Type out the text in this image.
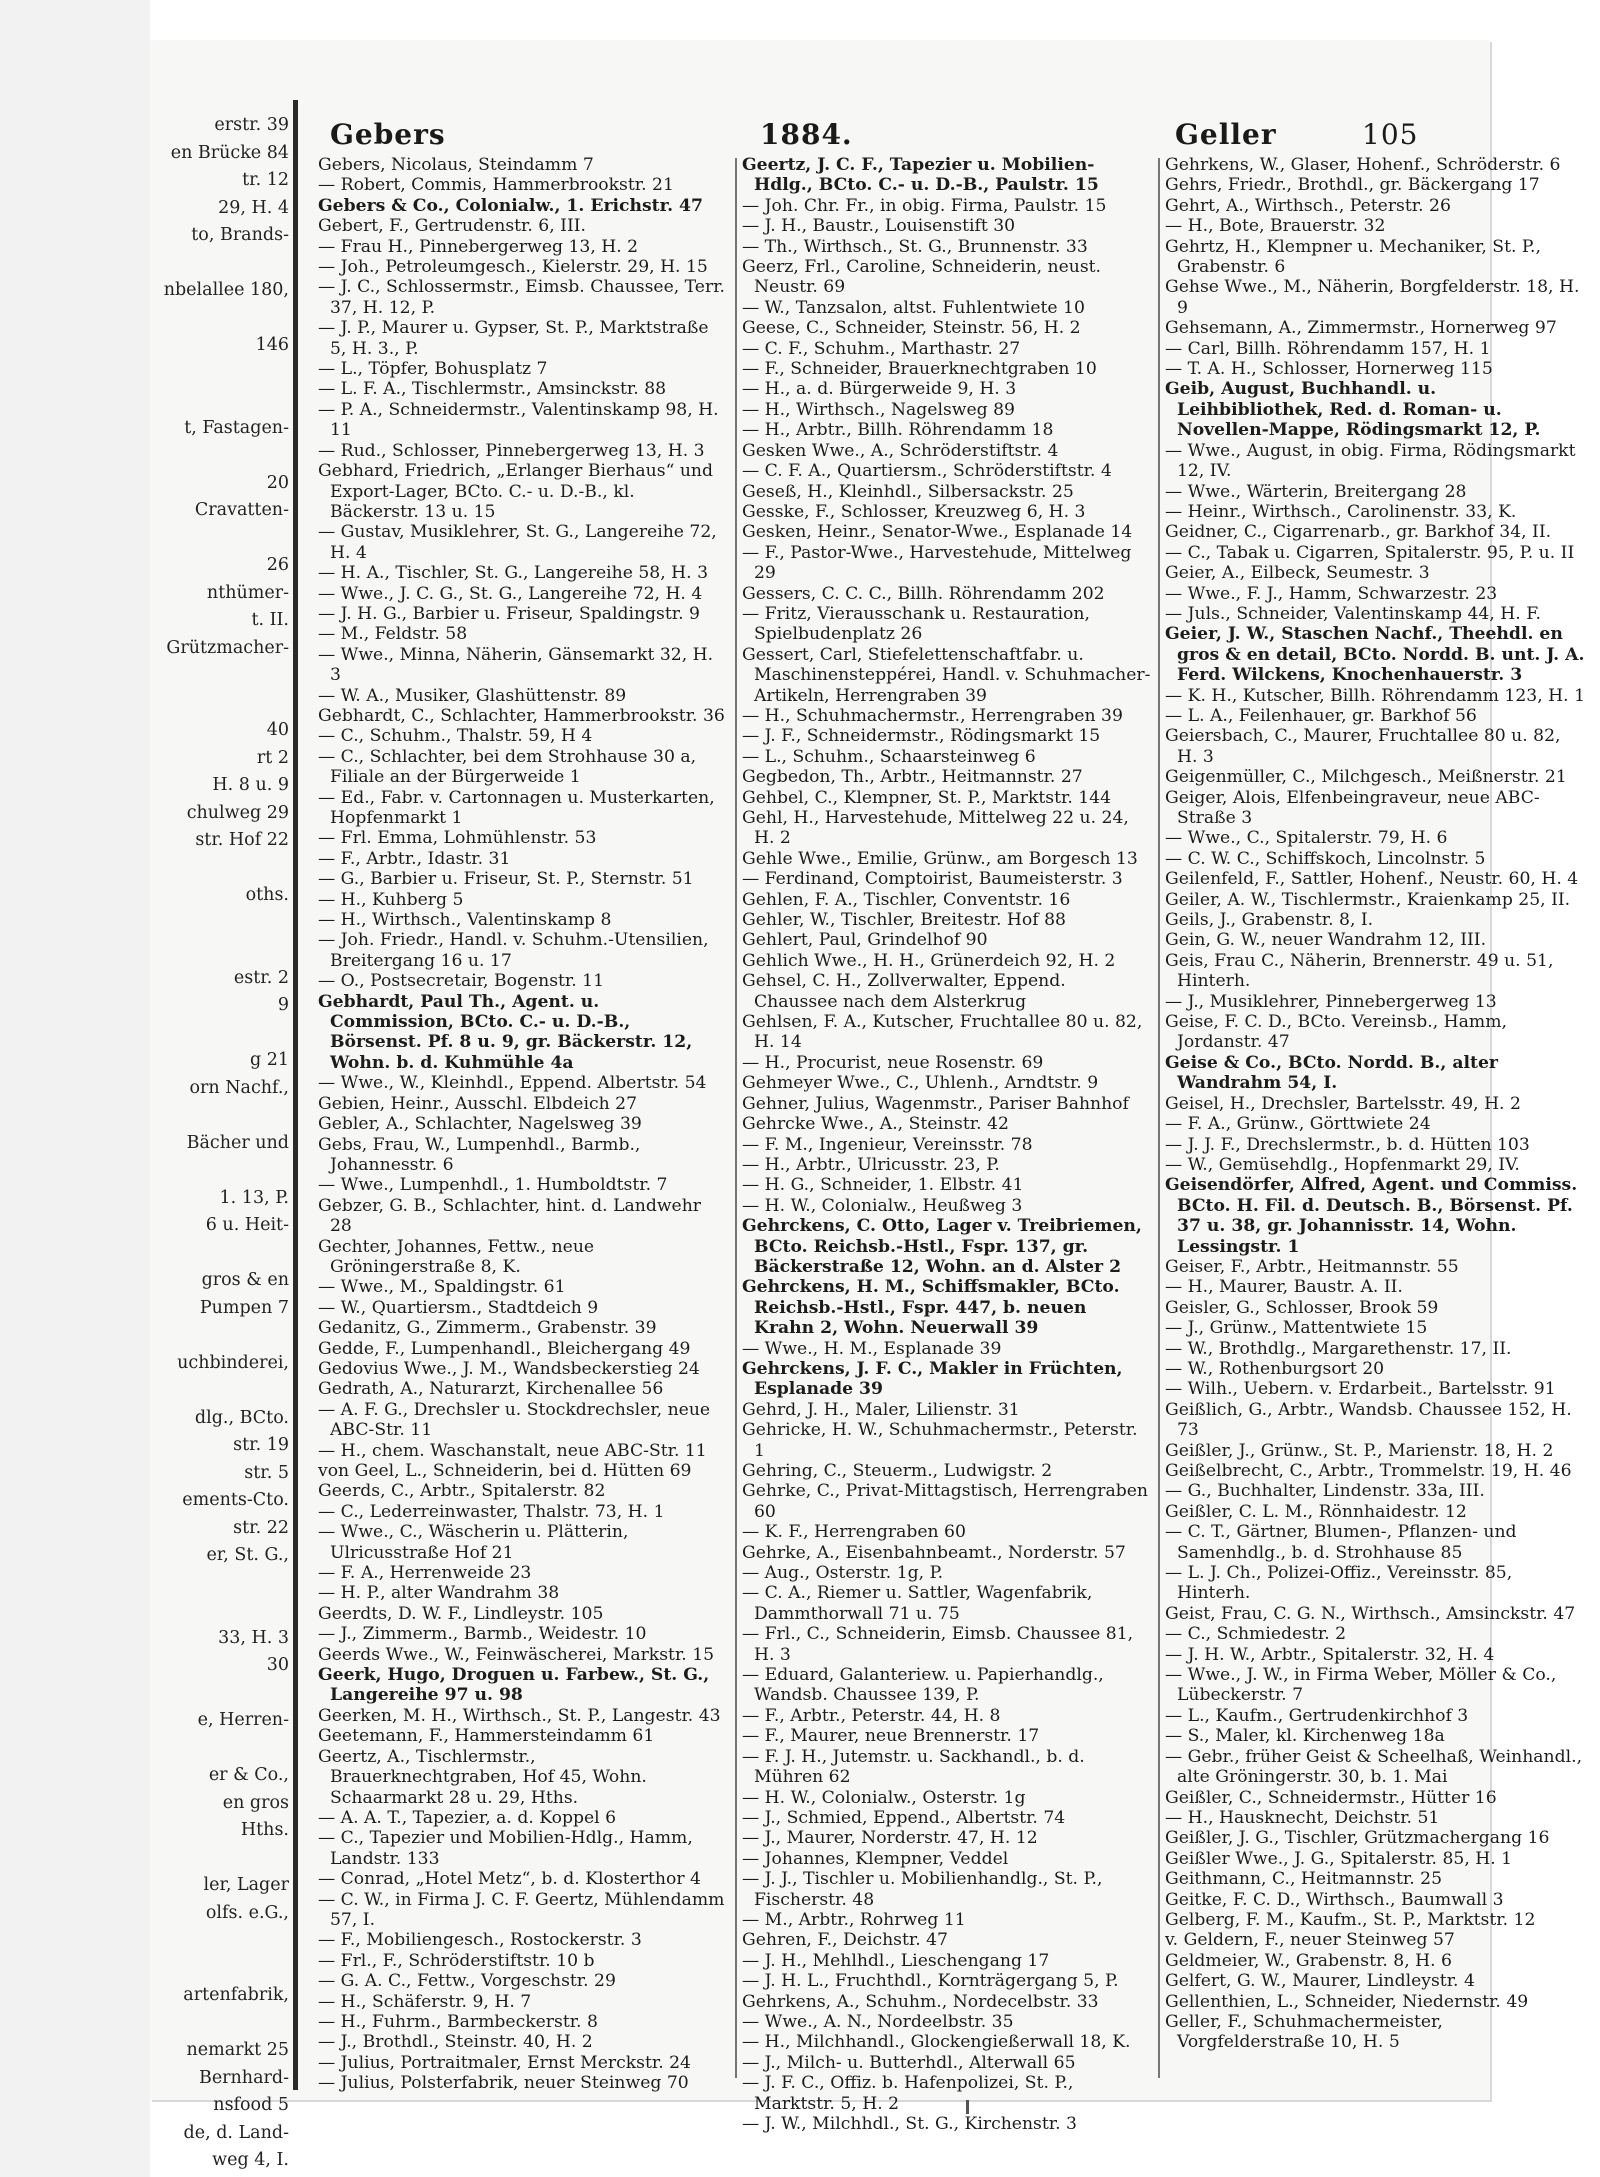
erstr. 39
en Brücke 84
tr. 12
29, H. 4
to, Brands-

nbelallee 180,

146

t, Fastagen-

20
Cravatten-

26
nthümer-
t. II.
Grützmacher-

40
rt 2
H. 8 u. 9
chulweg 29
str. Hof 22

oths.

estr. 2
9

g 21
orn Nachf.,

Bächer und

1. 13, P.
6 u. Heit-

gros & en
Pumpen 7

uchbinderei,

dlg., BCto.
str. 19
str. 5
ements-Cto.
str. 22
er, St. G.,

33, H. 3
30

e, Herren-

er & Co.,
en gros
Hths.

ler, Lager
olfs. e.G.,

artenfabrik,

nemarkt 25
Bernhard-
nsfood 5
de, d. Land-
weg 4, I.
Gebers	1884.	Geller	105

Gebers, Nicolaus, Steindamm 7

— Robert, Commis, Hammerbrookstr. 21

Gebers & Co., Colonialw., 1. Erichstr. 47

Gebert, F., Gertrudenstr. 6, III.

— Frau H., Pinnebergerweg 13, H. 2

— Joh., Petroleumgesch., Kielerstr. 29, H. 15

— J. C., Schlossermstr., Eimsb. Chaussee, Terr. 37, H. 12, P.

— J. P., Maurer u. Gypser, St. P., Marktstraße 5, H. 3., P.

— L., Töpfer, Bohusplatz 7

— L. F. A., Tischlermstr., Amsinckstr. 88

— P. A., Schneidermstr., Valentinskamp 98, H. 11

— Rud., Schlosser, Pinnebergerweg 13, H. 3

Gebhard, Friedrich, „Erlanger Bierhaus“ und Export-Lager, BCto. C.- u. D.-B., kl. Bäckerstr. 13 u. 15

— Gustav, Musiklehrer, St. G., Langereihe 72, H. 4

— H. A., Tischler, St. G., Langereihe 58, H. 3

— Wwe., J. C. G., St. G., Langereihe 72, H. 4

— J. H. G., Barbier u. Friseur, Spaldingstr. 9

— M., Feldstr. 58

— Wwe., Minna, Näherin, Gänsemarkt 32, H. 3

— W. A., Musiker, Glashüttenstr. 89

Gebhardt, C., Schlachter, Hammerbrookstr. 36

— C., Schuhm., Thalstr. 59, H 4

— C., Schlachter, bei dem Strohhause 30 a, Filiale an der Bürgerweide 1

— Ed., Fabr. v. Cartonnagen u. Musterkarten, Hopfenmarkt 1

— Frl. Emma, Lohmühlenstr. 53

— F., Arbtr., Idastr. 31

— G., Barbier u. Friseur, St. P., Sternstr. 51

— H., Kuhberg 5

— H., Wirthsch., Valentinskamp 8

— Joh. Friedr., Handl. v. Schuhm.-Utensilien, Breitergang 16 u. 17

— O., Postsecretair, Bogenstr. 11

Gebhardt, Paul Th., Agent. u. Commission, BCto. C.- u. D.-B., Börsenst. Pf. 8 u. 9, gr. Bäckerstr. 12, Wohn. b. d. Kuhmühle 4a

— Wwe., W., Kleinhdl., Eppend. Albertstr. 54

Gebien, Heinr., Ausschl. Elbdeich 27

Gebler, A., Schlachter, Nagelsweg 39

Gebs, Frau, W., Lumpenhdl., Barmb., Johannesstr. 6

— Wwe., Lumpenhdl., 1. Humboldtstr. 7

Gebzer, G. B., Schlachter, hint. d. Landwehr 28

Gechter, Johannes, Fettw., neue Gröningerstraße 8, K.

— Wwe., M., Spaldingstr. 61

— W., Quartiersm., Stadtdeich 9

Gedanitz, G., Zimmerm., Grabenstr. 39

Gedde, F., Lumpenhandl., Bleichergang 49

Gedovius Wwe., J. M., Wandsbeckerstieg 24

Gedrath, A., Naturarzt, Kirchenallee 56

— A. F. G., Drechsler u. Stockdrechsler, neue ABC-Str. 11

— H., chem. Waschanstalt, neue ABC-Str. 11

von Geel, L., Schneiderin, bei d. Hütten 69

Geerds, C., Arbtr., Spitalerstr. 82

— C., Lederreinwaster, Thalstr. 73, H. 1

— Wwe., C., Wäscherin u. Plätterin, Ulricusstraße Hof 21

— F. A., Herrenweide 23

— H. P., alter Wandrahm 38

Geerdts, D. W. F., Lindleystr. 105

— J., Zimmerm., Barmb., Weidestr. 10

Geerds Wwe., W., Feinwäscherei, Markstr. 15

Geerk, Hugo, Droguen u. Farbew., St. G., Langereihe 97 u. 98

Geerken, M. H., Wirthsch., St. P., Langestr. 43

Geetemann, F., Hammersteindamm 61

Geertz, A., Tischlermstr., Brauerknechtgraben, Hof 45, Wohn. Schaarmarkt 28 u. 29, Hths.

— A. A. T., Tapezier, a. d. Koppel 6

— C., Tapezier und Mobilien-Hdlg., Hamm, Landstr. 133

— Conrad, „Hotel Metz“, b. d. Klosterthor 4

— C. W., in Firma J. C. F. Geertz, Mühlendamm 57, I.

— F., Mobiliengesch., Rostockerstr. 3

— Frl., F., Schröderstiftstr. 10 b

— G. A. C., Fettw., Vorgeschstr. 29

— H., Schäferstr. 9, H. 7

— H., Fuhrm., Barmbeckerstr. 8

— J., Brothdl., Steinstr. 40, H. 2

— Julius, Portraitmaler, Ernst Merckstr. 24

— Julius, Polsterfabrik, neuer Steinweg 70

Geertz, J. C. F., Tapezier u. Mobilien-Hdlg., BCto. C.- u. D.-B., Paulstr. 15

— Joh. Chr. Fr., in obig. Firma, Paulstr. 15

— J. H., Baustr., Louisenstift 30

— Th., Wirthsch., St. G., Brunnenstr. 33

Geerz, Frl., Caroline, Schneiderin, neust. Neustr. 69

— W., Tanzsalon, altst. Fuhlentwiete 10

Geese, C., Schneider, Steinstr. 56, H. 2

— C. F., Schuhm., Marthastr. 27

— F., Schneider, Brauerknechtgraben 10

— H., a. d. Bürgerweide 9, H. 3

— H., Wirthsch., Nagelsweg 89

— H., Arbtr., Billh. Röhrendamm 18

Gesken Wwe., A., Schröderstiftstr. 4

— C. F. A., Quartiersm., Schröderstiftstr. 4

Geseß, H., Kleinhdl., Silbersackstr. 25

Gesske, F., Schlosser, Kreuzweg 6, H. 3

Gesken, Heinr., Senator-Wwe., Esplanade 14

— F., Pastor-Wwe., Harvestehude, Mittelweg 29

Gessers, C. C. C., Billh. Röhrendamm 202

— Fritz, Vierausschank u. Restauration, Spielbudenplatz 26

Gessert, Carl, Stiefelettenschaftfabr. u. Maschinensteppérei, Handl. v. Schuhmacher-Artikeln, Herrengraben 39

— H., Schuhmachermstr., Herrengraben 39

— J. F., Schneidermstr., Rödingsmarkt 15

— L., Schuhm., Schaarsteinweg 6

Gegbedon, Th., Arbtr., Heitmannstr. 27

Gehbel, C., Klempner, St. P., Marktstr. 144

Gehl, H., Harvestehude, Mittelweg 22 u. 24, H. 2

Gehle Wwe., Emilie, Grünw., am Borgesch 13

— Ferdinand, Comptoirist, Baumeisterstr. 3

Gehlen, F. A., Tischler, Conventstr. 16

Gehler, W., Tischler, Breitestr. Hof 88

Gehlert, Paul, Grindelhof 90

Gehlich Wwe., H. H., Grünerdeich 92, H. 2

Gehsel, C. H., Zollverwalter, Eppend. Chaussee nach dem Alsterkrug

Gehlsen, F. A., Kutscher, Fruchtallee 80 u. 82, H. 14

— H., Procurist, neue Rosenstr. 69

Gehmeyer Wwe., C., Uhlenh., Arndtstr. 9

Gehner, Julius, Wagenmstr., Pariser Bahnhof

Gehrcke Wwe., A., Steinstr. 42

— F. M., Ingenieur, Vereinsstr. 78

— H., Arbtr., Ulricusstr. 23, P.

— H. G., Schneider, 1. Elbstr. 41

— H. W., Colonialw., Heußweg 3

Gehrckens, C. Otto, Lager v. Treibriemen, BCto. Reichsb.-Hstl., Fspr. 137, gr. Bäckerstraße 12, Wohn. an d. Alster 2

Gehrckens, H. M., Schiffsmakler, BCto. Reichsb.-Hstl., Fspr. 447, b. neuen Krahn 2, Wohn. Neuerwall 39

— Wwe., H. M., Esplanade 39

Gehrckens, J. F. C., Makler in Früchten, Esplanade 39

Gehrd, J. H., Maler, Lilienstr. 31

Gehricke, H. W., Schuhmachermstr., Peterstr. 1

Gehring, C., Steuerm., Ludwigstr. 2

Gehrke, C., Privat-Mittagstisch, Herrengraben 60

— K. F., Herrengraben 60

Gehrke, A., Eisenbahnbeamt., Norderstr. 57

— Aug., Osterstr. 1g, P.

— C. A., Riemer u. Sattler, Wagenfabrik, Dammthorwall 71 u. 75

— Frl., C., Schneiderin, Eimsb. Chaussee 81, H. 3

— Eduard, Galanteriew. u. Papierhandlg., Wandsb. Chaussee 139, P.

— F., Arbtr., Peterstr. 44, H. 8

— F., Maurer, neue Brennerstr. 17

— F. J. H., Jutemstr. u. Sackhandl., b. d. Mühren 62

— H. W., Colonialw., Osterstr. 1g

— J., Schmied, Eppend., Albertstr. 74

— J., Maurer, Norderstr. 47, H. 12

— Johannes, Klempner, Veddel

— J. J., Tischler u. Mobilienhandlg., St. P., Fischerstr. 48

— M., Arbtr., Rohrweg 11

Gehren, F., Deichstr. 47

— J. H., Mehlhdl., Lieschengang 17

— J. H. L., Fruchthdl., Kornträgergang 5, P.

Gehrkens, A., Schuhm., Nordecelbstr. 33

— Wwe., A. N., Nordeelbstr. 35

— H., Milchhandl., Glockengießerwall 18, K.

— J., Milch- u. Butterhdl., Alterwall 65

— J. F. C., Offiz. b. Hafenpolizei, St. P., Marktstr. 5, H. 2

— J. W., Milchhdl., St. G., Kirchenstr. 3

Gehrkens, W., Glaser, Hohenf., Schröderstr. 6

Gehrs, Friedr., Brothdl., gr. Bäckergang 17

Gehrt, A., Wirthsch., Peterstr. 26

— H., Bote, Brauerstr. 32

Gehrtz, H., Klempner u. Mechaniker, St. P., Grabenstr. 6

Gehse Wwe., M., Näherin, Borgfelderstr. 18, H. 9

Gehsemann, A., Zimmermstr., Hornerweg 97

— Carl, Billh. Röhrendamm 157, H. 1

— T. A. H., Schlosser, Hornerweg 115

Geib, August, Buchhandl. u. Leihbibliothek, Red. d. Roman- u. Novellen-Mappe, Rödingsmarkt 12, P.

— Wwe., August, in obig. Firma, Rödingsmarkt 12, IV.

— Wwe., Wärterin, Breitergang 28

— Heinr., Wirthsch., Carolinenstr. 33, K.

Geidner, C., Cigarrenarb., gr. Barkhof 34, II.

— C., Tabak u. Cigarren, Spitalerstr. 95, P. u. II

Geier, A., Eilbeck, Seumestr. 3

— Wwe., F. J., Hamm, Schwarzestr. 23

— Juls., Schneider, Valentinskamp 44, H. F.

Geier, J. W., Staschen Nachf., Theehdl. en gros & en detail, BCto. Nordd. B. unt. J. A. Ferd. Wilckens, Knochenhauerstr. 3

— K. H., Kutscher, Billh. Röhrendamm 123, H. 1

— L. A., Feilenhauer, gr. Barkhof 56

Geiersbach, C., Maurer, Fruchtallee 80 u. 82, H. 3

Geigenmüller, C., Milchgesch., Meißnerstr. 21

Geiger, Alois, Elfenbeingraveur, neue ABC-Straße 3

— Wwe., C., Spitalerstr. 79, H. 6

— C. W. C., Schiffskoch, Lincolnstr. 5

Geilenfeld, F., Sattler, Hohenf., Neustr. 60, H. 4

Geiler, A. W., Tischlermstr., Kraienkamp 25, II.

Geils, J., Grabenstr. 8, I.

Gein, G. W., neuer Wandrahm 12, III.

Geis, Frau C., Näherin, Brennerstr. 49 u. 51, Hinterh.

— J., Musiklehrer, Pinnebergerweg 13

Geise, F. C. D., BCto. Vereinsb., Hamm, Jordanstr. 47

Geise & Co., BCto. Nordd. B., alter Wandrahm 54, I.

Geisel, H., Drechsler, Bartelsstr. 49, H. 2

— F. A., Grünw., Görttwiete 24

— J. J. F., Drechslermstr., b. d. Hütten 103

— W., Gemüsehdlg., Hopfenmarkt 29, IV.

Geisendörfer, Alfred, Agent. und Commiss. BCto. H. Fil. d. Deutsch. B., Börsenst. Pf. 37 u. 38, gr. Johannisstr. 14, Wohn. Lessingstr. 1

Geiser, F., Arbtr., Heitmannstr. 55

— H., Maurer, Baustr. A. II.

Geisler, G., Schlosser, Brook 59

— J., Grünw., Mattentwiete 15

— W., Brothdlg., Margarethenstr. 17, II.

— W., Rothenburgsort 20

— Wilh., Uebern. v. Erdarbeit., Bartelsstr. 91

Geißlich, G., Arbtr., Wandsb. Chaussee 152, H. 73

Geißler, J., Grünw., St. P., Marienstr. 18, H. 2

Geißelbrecht, C., Arbtr., Trommelstr. 19, H. 46

— G., Buchhalter, Lindenstr. 33a, III.

Geißler, C. L. M., Rönnhaidestr. 12

— C. T., Gärtner, Blumen-, Pflanzen- und Samenhdlg., b. d. Strohhause 85

— L. J. Ch., Polizei-Offiz., Vereinsstr. 85, Hinterh.

Geist, Frau, C. G. N., Wirthsch., Amsinckstr. 47

— C., Schmiedestr. 2

— J. H. W., Arbtr., Spitalerstr. 32, H. 4

— Wwe., J. W., in Firma Weber, Möller & Co., Lübeckerstr. 7

— L., Kaufm., Gertrudenkirchhof 3

— S., Maler, kl. Kirchenweg 18a

— Gebr., früher Geist & Scheelhaß, Weinhandl., alte Gröningerstr. 30, b. 1. Mai

Geißler, C., Schneidermstr., Hütter 16

— H., Hausknecht, Deichstr. 51

Geißler, J. G., Tischler, Grützmachergang 16

Geißler Wwe., J. G., Spitalerstr. 85, H. 1

Geithmann, C., Heitmannstr. 25

Geitke, F. C. D., Wirthsch., Baumwall 3

Gelberg, F. M., Kaufm., St. P., Marktstr. 12

v. Geldern, F., neuer Steinweg 57

Geldmeier, W., Grabenstr. 8, H. 6

Gelfert, G. W., Maurer, Lindleystr. 4

Gellenthien, L., Schneider, Niedernstr. 49

Geller, F., Schuhmachermeister, Vorgfelderstraße 10, H. 5
